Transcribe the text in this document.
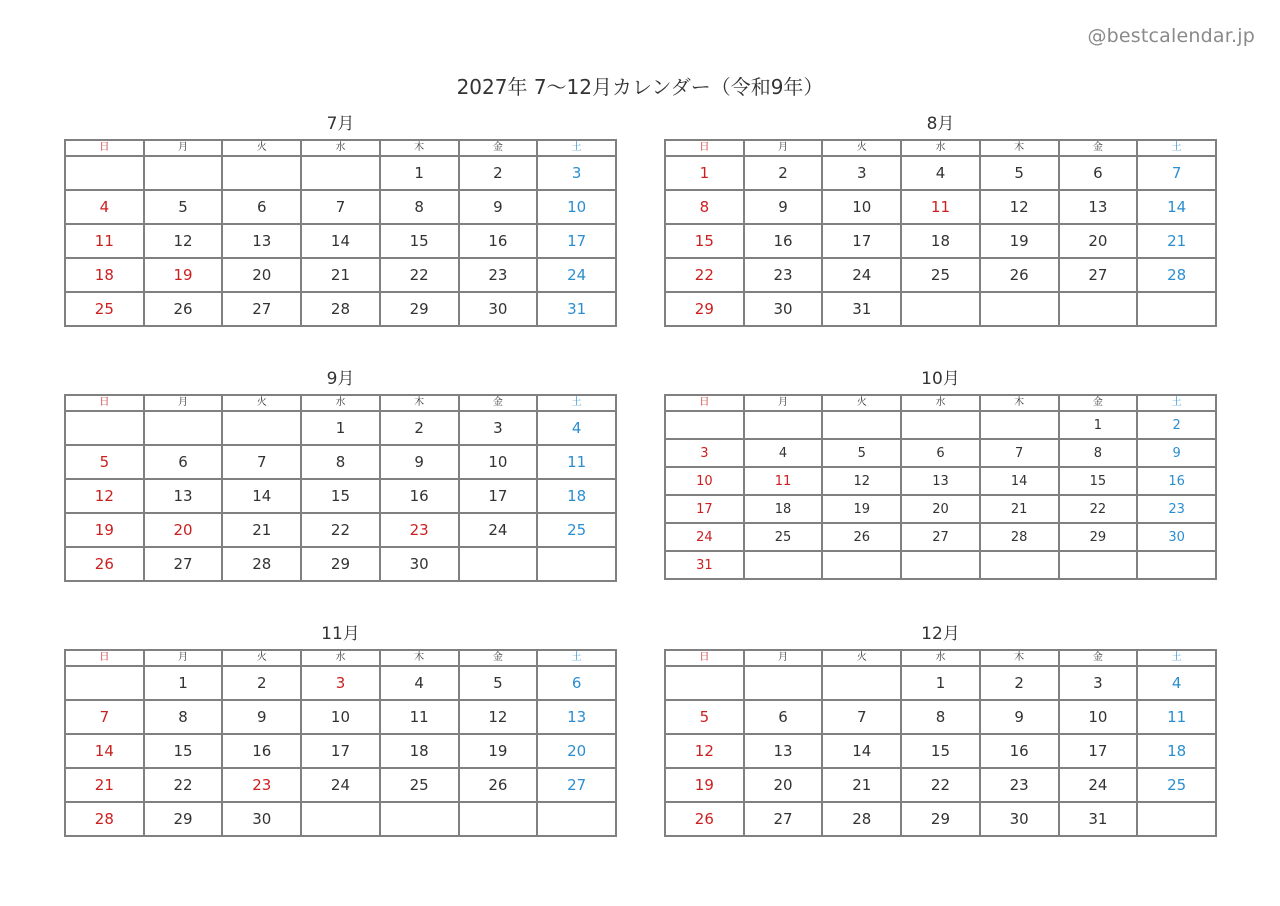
@bestcalendar.jp
2027年 7〜12月カレンダー（令和9年）
7月
日	月	火	水	木	金	土
				1	2	3
4	5	6	7	8	9	10
11	12	13	14	15	16	17
18	19	20	21	22	23	24
25	26	27	28	29	30	31
8月
日	月	火	水	木	金	土
1	2	3	4	5	6	7
8	9	10	11	12	13	14
15	16	17	18	19	20	21
22	23	24	25	26	27	28
29	30	31				
9月
日	月	火	水	木	金	土
			1	2	3	4
5	6	7	8	9	10	11
12	13	14	15	16	17	18
19	20	21	22	23	24	25
26	27	28	29	30		
10月
日	月	火	水	木	金	土
					1	2
3	4	5	6	7	8	9
10	11	12	13	14	15	16
17	18	19	20	21	22	23
24	25	26	27	28	29	30
31						
11月
日	月	火	水	木	金	土
	1	2	3	4	5	6
7	8	9	10	11	12	13
14	15	16	17	18	19	20
21	22	23	24	25	26	27
28	29	30				
12月
日	月	火	水	木	金	土
			1	2	3	4
5	6	7	8	9	10	11
12	13	14	15	16	17	18
19	20	21	22	23	24	25
26	27	28	29	30	31	
